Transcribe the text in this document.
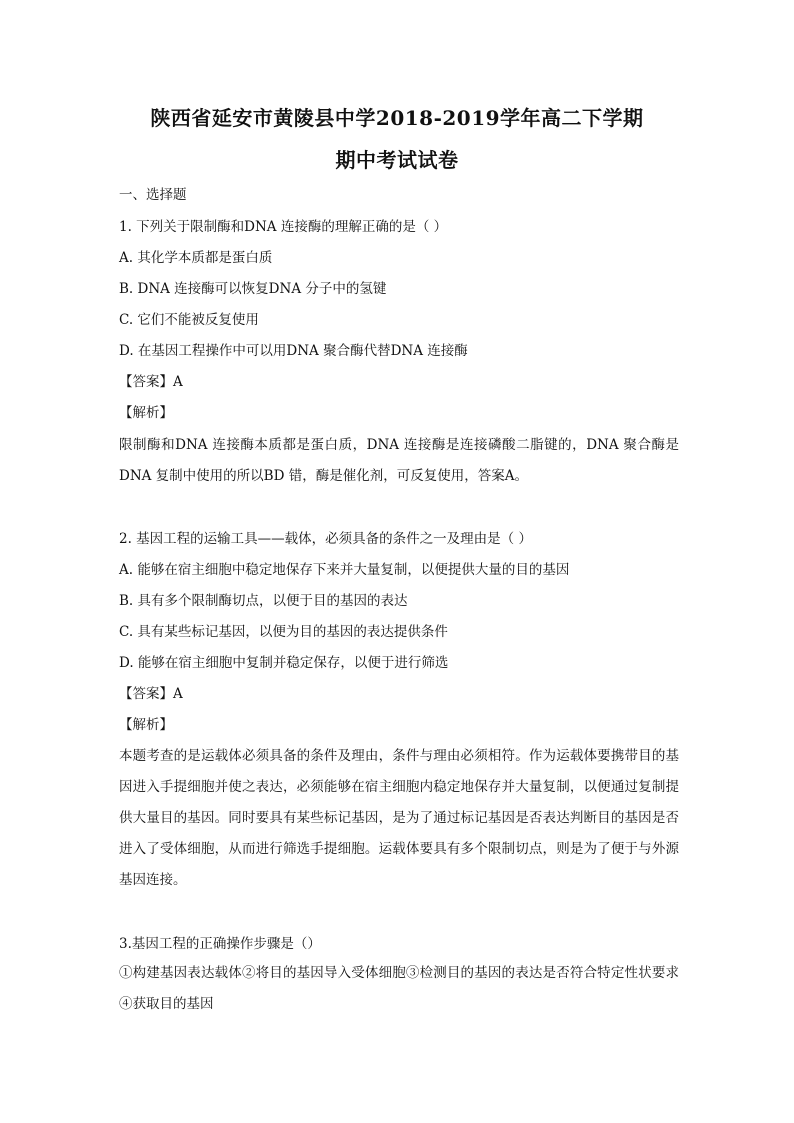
陕西省延安市黄陵县中学2018-2019学年高二下学期
期中考试试卷
一、选择题
1. 下列关于限制酶和DNA 连接酶的理解正确的是（ ）
A. 其化学本质都是蛋白质
B. DNA 连接酶可以恢复DNA 分子中的氢键
C. 它们不能被反复使用
D. 在基因工程操作中可以用DNA 聚合酶代替DNA 连接酶
【答案】A
【解析】
限制酶和DNA 连接酶本质都是蛋白质，DNA 连接酶是连接磷酸二脂键的，DNA 聚合酶是DNA 复制中使用的所以BD 错，酶是催化剂，可反复使用，答案A。
2. 基因工程的运输工具——载体，必须具备的条件之一及理由是（ ）
A. 能够在宿主细胞中稳定地保存下来并大量复制，以便提供大量的目的基因
B. 具有多个限制酶切点，以便于目的基因的表达
C. 具有某些标记基因，以便为目的基因的表达提供条件
D. 能够在宿主细胞中复制并稳定保存，以便于进行筛选
【答案】A
【解析】
本题考查的是运载体必须具备的条件及理由，条件与理由必须相符。作为运载体要携带目的基因进入手提细胞并使之表达，必须能够在宿主细胞内稳定地保存并大量复制，以便通过复制提供大量目的基因。同时要具有某些标记基因，是为了通过标记基因是否表达判断目的基因是否进入了受体细胞，从而进行筛选手提细胞。运载体要具有多个限制切点，则是为了便于与外源基因连接。
3.基因工程的正确操作步骤是（）
①构建基因表达载体②将目的基因导入受体细胞③检测目的基因的表达是否符合特定性状要求④获取目的基因
